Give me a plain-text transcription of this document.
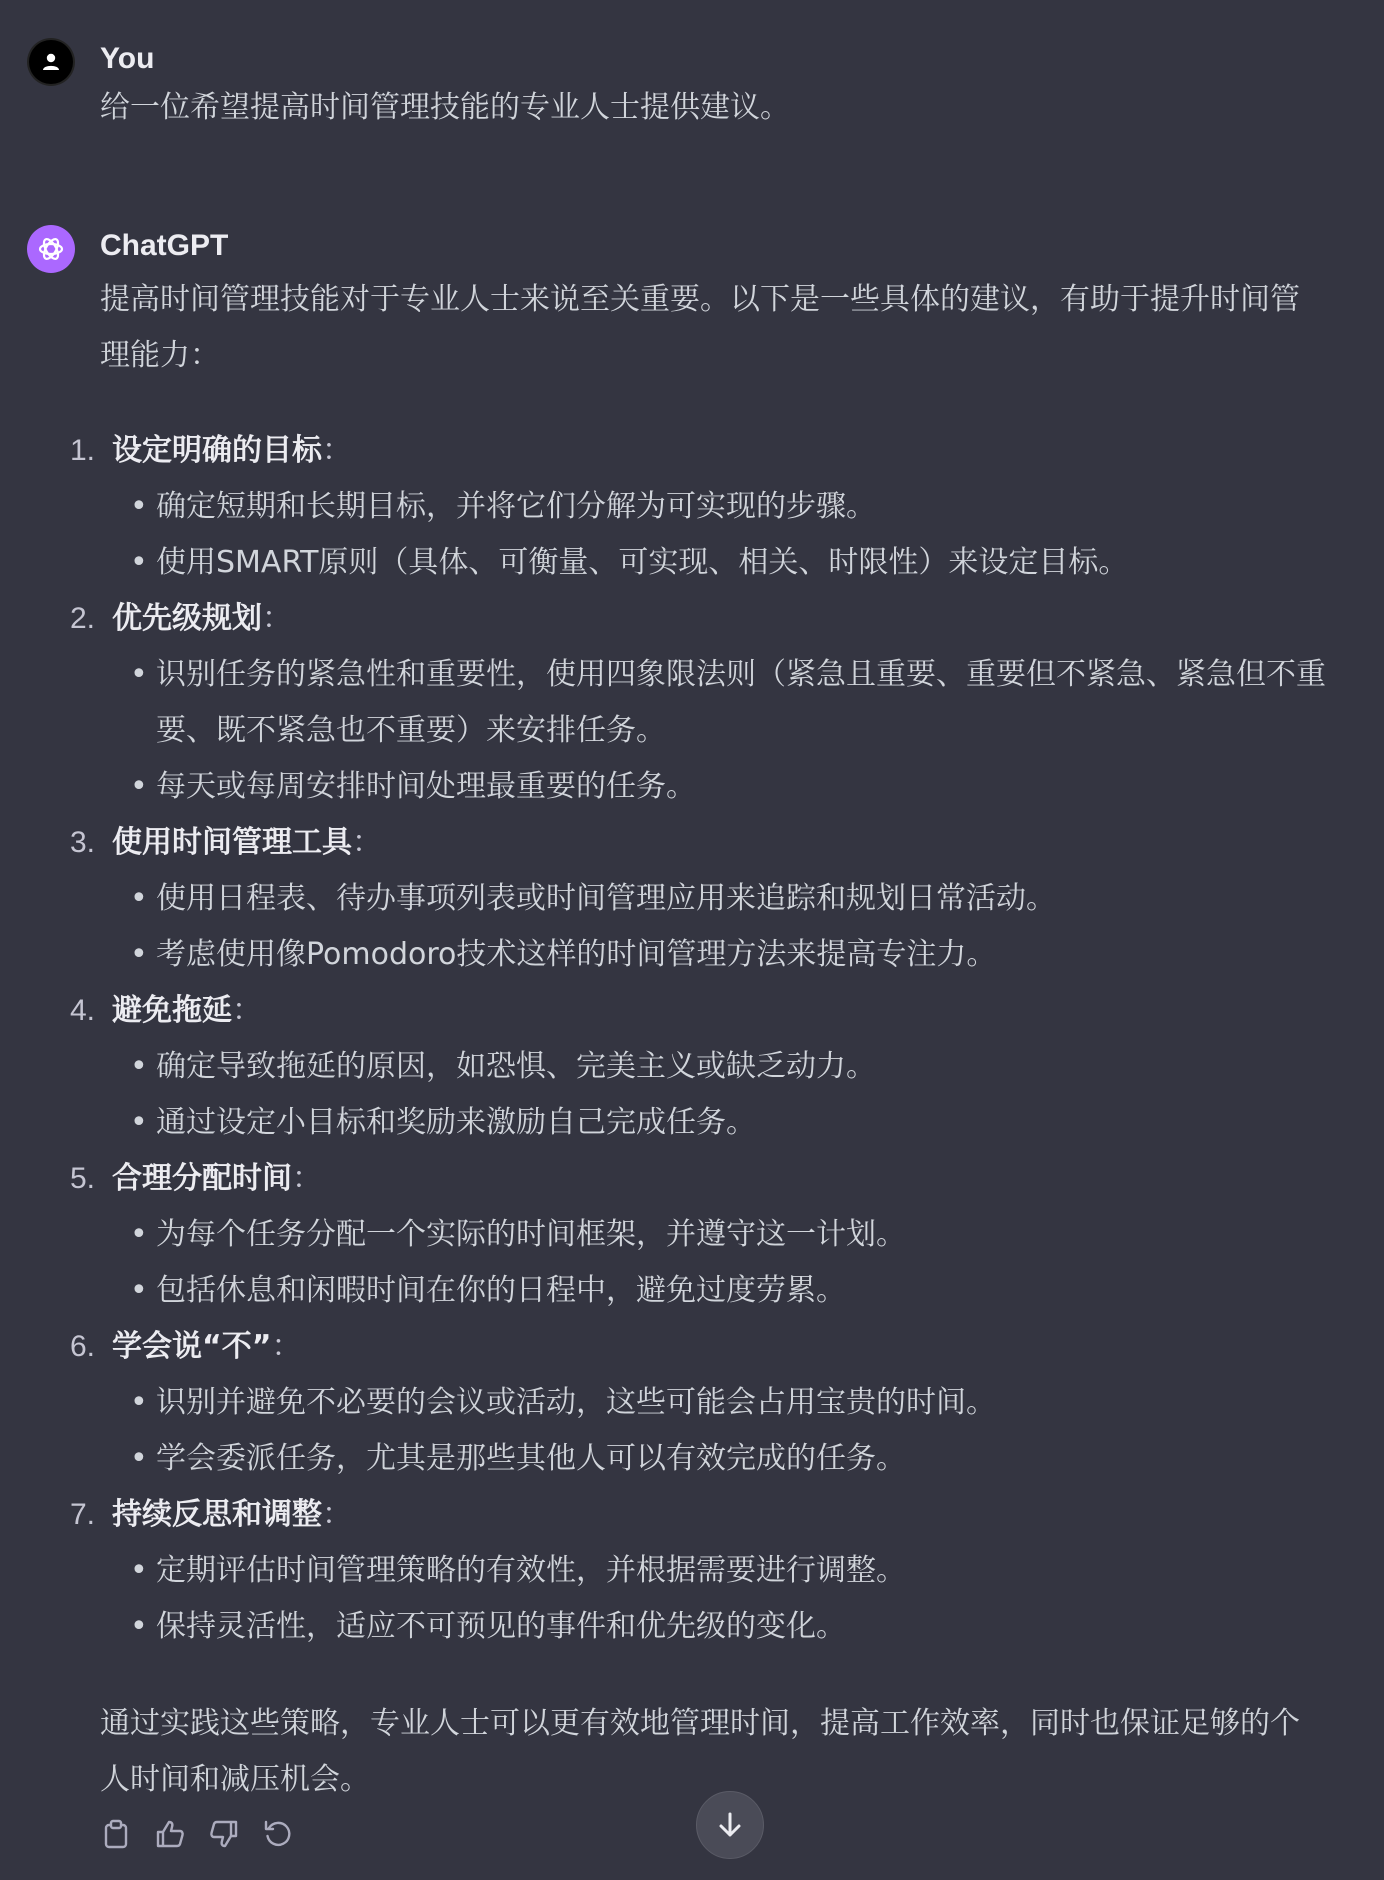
You
给一位希望提高时间管理技能的专业人士提供建议。
ChatGPT
提高时间管理技能对于专业人士来说至关重要。以下是一些具体的建议，有助于提升时间管理能力：
1. 设定明确的目标：
• 确定短期和长期目标，并将它们分解为可实现的步骤。
• 使用SMART原则（具体、可衡量、可实现、相关、时限性）来设定目标。
2. 优先级规划：
• 识别任务的紧急性和重要性，使用四象限法则（紧急且重要、重要但不紧急、紧急但不重要、既不紧急也不重要）来安排任务。
• 每天或每周安排时间处理最重要的任务。
3. 使用时间管理工具：
• 使用日程表、待办事项列表或时间管理应用来追踪和规划日常活动。
• 考虑使用像Pomodoro技术这样的时间管理方法来提高专注力。
4. 避免拖延：
• 确定导致拖延的原因，如恐惧、完美主义或缺乏动力。
• 通过设定小目标和奖励来激励自己完成任务。
5. 合理分配时间：
• 为每个任务分配一个实际的时间框架，并遵守这一计划。
• 包括休息和闲暇时间在你的日程中，避免过度劳累。
6. 学会说“不”：
• 识别并避免不必要的会议或活动，这些可能会占用宝贵的时间。
• 学会委派任务，尤其是那些其他人可以有效完成的任务。
7. 持续反思和调整：
• 定期评估时间管理策略的有效性，并根据需要进行调整。
• 保持灵活性，适应不可预见的事件和优先级的变化。
通过实践这些策略，专业人士可以更有效地管理时间，提高工作效率，同时也保证足够的个人时间和减压机会。
